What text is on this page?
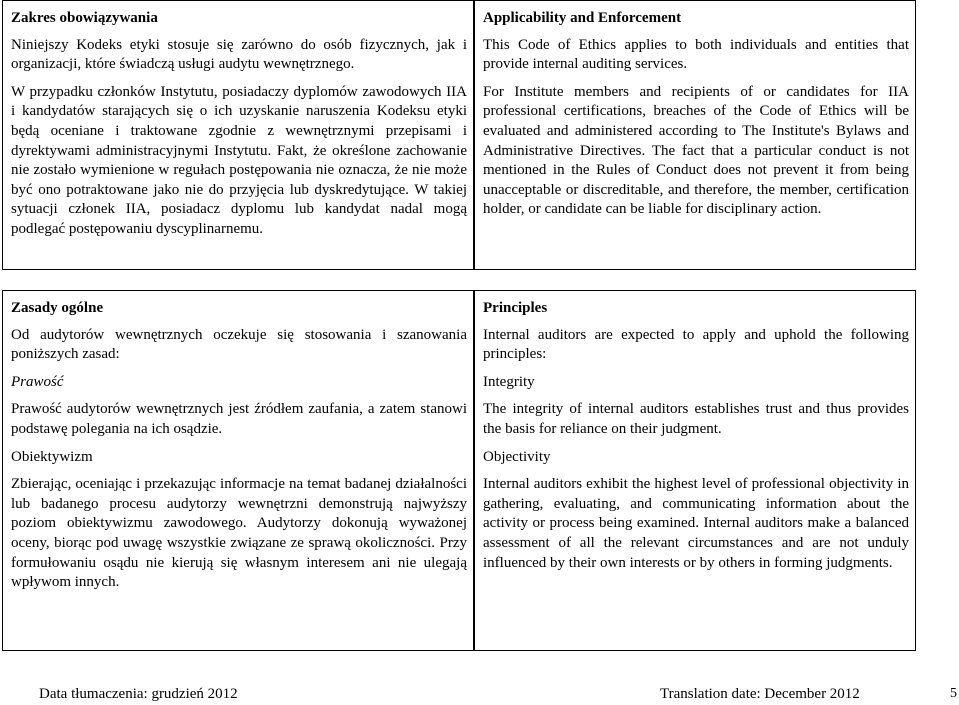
Zakres obowiązywania

Niniejszy Kodeks etyki stosuje się zarówno do osób fizycznych, jak i organizacji, które świadczą usługi audytu wewnętrznego.

W przypadku członków Instytutu, posiadaczy dyplomów zawodowych IIA i kandydatów starających się o ich uzyskanie naruszenia Kodeksu etyki będą oceniane i traktowane zgodnie z wewnętrznymi przepisami i dyrektywami administracyjnymi Instytutu. Fakt, że określone zachowanie nie zostało wymienione w regułach postępowania nie oznacza, że nie może być ono potraktowane jako nie do przyjęcia lub dyskredytujące. W takiej sytuacji członek IIA, posiadacz dyplomu lub kandydat nadal mogą podlegać postępowaniu dyscyplinarnemu.

Applicability and Enforcement

This Code of Ethics applies to both individuals and entities that provide internal auditing services.

For Institute members and recipients of or candidates for IIA professional certifications, breaches of the Code of Ethics will be evaluated and administered according to The Institute's Bylaws and Administrative Directives. The fact that a particular conduct is not mentioned in the Rules of Conduct does not prevent it from being unacceptable or discreditable, and therefore, the member, certification holder, or candidate can be liable for disciplinary action.

Zasady ogólne

Od audytorów wewnętrznych oczekuje się stosowania i szanowania poniższych zasad:

Prawość

Prawość audytorów wewnętrznych jest źródłem zaufania, a zatem stanowi podstawę polegania na ich osądzie.

Obiektywizm

Zbierając, oceniając i przekazując informacje na temat badanej działalności lub badanego procesu audytorzy wewnętrzni demonstrują najwyższy poziom obiektywizmu zawodowego. Audytorzy dokonują wyważonej oceny, biorąc pod uwagę wszystkie związane ze sprawą okoliczności. Przy formułowaniu osądu nie kierują się własnym interesem ani nie ulegają wpływom innych.

Principles

Internal auditors are expected to apply and uphold the following principles:

Integrity

The integrity of internal auditors establishes trust and thus provides the basis for reliance on their judgment.

Objectivity

Internal auditors exhibit the highest level of professional objectivity in gathering, evaluating, and communicating information about the activity or process being examined. Internal auditors make a balanced assessment of all the relevant circumstances and are not unduly influenced by their own interests or by others in forming judgments.

Data tłumaczenia: grudzień 2012	Translation date: December 2012	5
